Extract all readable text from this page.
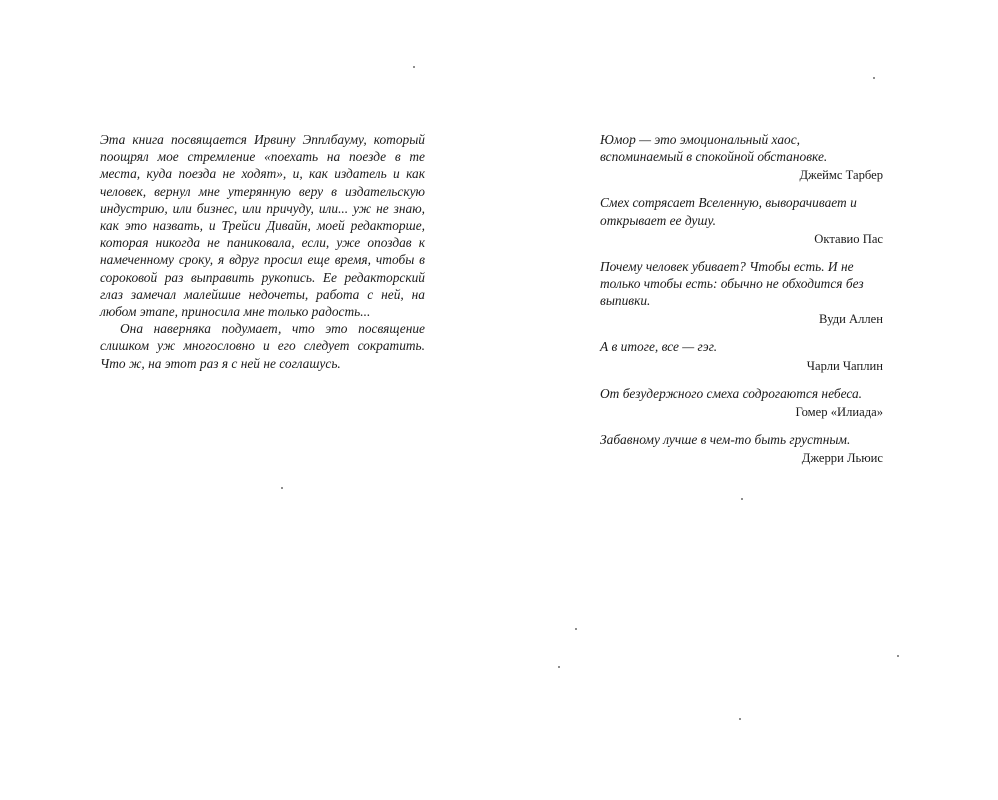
Эта книга посвящается Ирвину Эпплбауму, который поощрял мое стремление «поехать на поезде в те места, куда поезда не ходят», и, как издатель и как человек, вернул мне утерянную веру в издательскую индустрию, или бизнес, или причуду, или... уж не знаю, как это назвать, и Трейси Дивайн, моей редакторше, которая никогда не паниковала, если, уже опоздав к намеченному сроку, я вдруг просил еще время, чтобы в сороковой раз выправить рукопись. Ее редакторский глаз замечал малейшие недочеты, работа с ней, на любом этапе, приносила мне только радость...

Она наверняка подумает, что это посвящение слишком уж многословно и его следует сократить. Что ж, на этот раз я с ней не соглашусь.

Юмор — это эмоциональный хаос, вспоминаемый в спокойной обстановке.

Джеймс Тарбер

Смех сотрясает Вселенную, выворачивает и открывает ее душу.

Октавио Пас

Почему человек убивает? Чтобы есть. И не только чтобы есть: обычно не обходится без выпивки.

Вуди Аллен

А в итоге, все — гэг.

Чарли Чаплин

От безудержного смеха содрогаются небеса.

Гомер «Илиада»

Забавному лучше в чем-то быть грустным.

Джерри Льюис
